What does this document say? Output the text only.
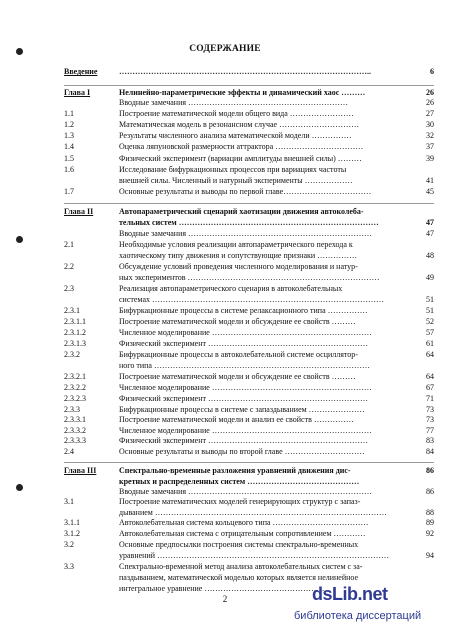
СОДЕРЖАНИЕ
Введение	…………………………………………………………………………………..	6
Глава I	Нелинейно-параметрические эффекты и динамический хаос ………	26
Вводные замечания ……………………………………………………	26
1.1	Построение математической модели общего вида ……………………	27
1.2	Математическая модель в резонансном случае …………………………	30
1.3	Результаты численного анализа математической модели ……………	32
1.4	Оценка ляпуновской размерности аттрактора ……………………………	37
1.5	Физический эксперимент (вариации амплитуды внешней силы) ………	39
1.6	Исследование бифуркационных процессов при вариациях частоты
внешней силы. Численный и натурный эксперименты ………………	41
1.7	Основные результаты и выводы по первой главе……………………………	45
Глава II	Автопараметрический сценарий хаотизации движения автоколеба-
тельных систем …………………………………………………………………	47
Вводные замечания ……………………………………………………………	47
2.1	Необходимые условия реализации автопараметрического перехода к
хаотическому типу движения и сопутствующие признаки ……………	48
2.2	Обсуждение условий проведения численного моделирования и натур-
ных экспериментов ………………………………………………………………	49
2.3	Реализация автопараметрического сценария в автоколебательных
системах ……………………………………………………………………………	51
2.3.1	Бифуркационные процессы в системе релаксационного типа ……………	51
2.3.1.1	Построение математической модели и обсуждение ее свойств ………	52
2.3.1.2	Численное моделирование ……………………………………………………	57
2.3.1.3	Физический эксперимент ……………………………………………………	61
2.3.2	Бифуркационные процессы в автоколебательной системе осциллятор-	64
ного типа ………………………………………………………………………
2.3.2.1	Построение математической модели и обсуждение ее свойств ………	64
2.3.2.2	Численное моделирование ……………………………………………………	67
2.3.2.3	Физический эксперимент ……………………………………………………	71
2.3.3	Бифуркационные процессы в системе с запаздыванием …………………	73
2.3.3.1	Построение математической модели и анализ ее свойств ……………	73
2.3.3.2	Численное моделирование ……………………………………………………	77
2.3.3.3	Физический эксперимент ……………………………………………………	83
2.4	Основные результаты и выводы по второй главе …………………………	84
Глава III	Спектрально-временные разложения уравнений движения дис-	86
кретных и распределенных систем ……………………………………
Вводные замечания ……………………………………………………………	86
3.1	Построение математических моделей генерирующих структур с запаз-
дыванием ……………………………………………………………………………	88
3.1.1	Автоколебательная система кольцевого типа ………………………………	89
3.1.2	Автоколебательная система с отрицательным сопротивлением …………	92
3.2	Основные предпосылки построения системы спектрально-временных
уравнений ……………………………………………………………………………	94
3.3	Спектрально-временной метод анализа автоколебательных систем с за-
паздыванием, математической моделью которых является нелинейное
интегральное уравнение ………………………………………
2	dsLib.net
библиотека диссертаций
